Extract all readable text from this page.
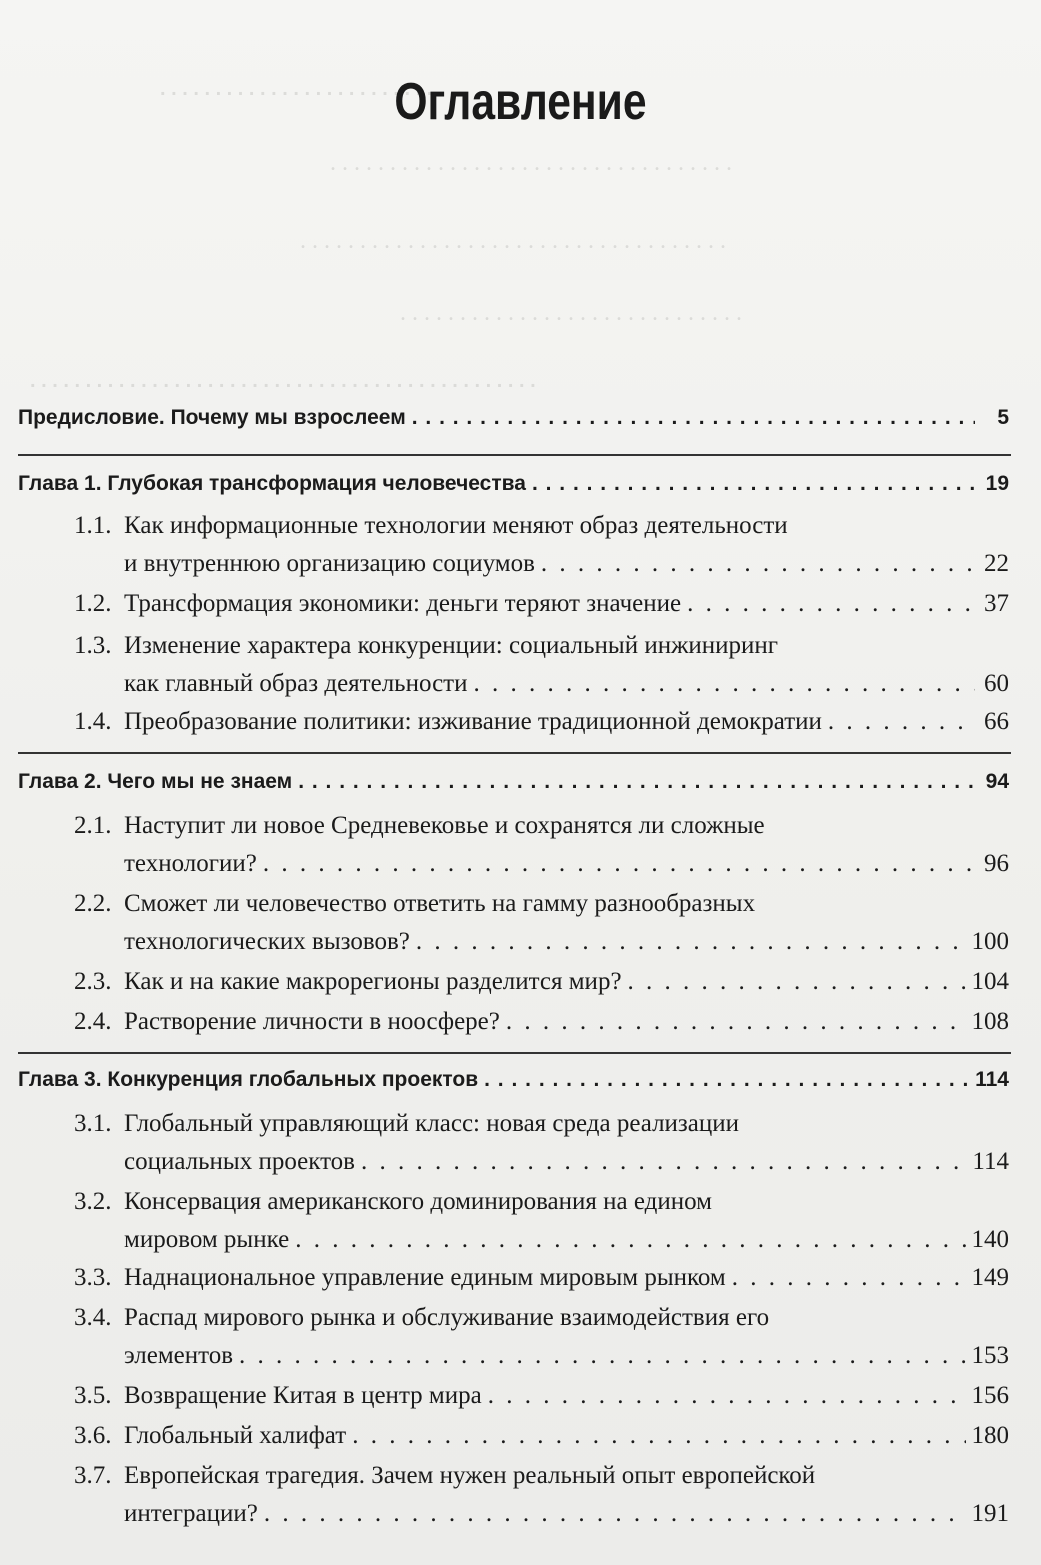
. . . . . . . . . . . . . . . . . . . . . . . . . . .
. . . . . . . . . . . . . . . . . . . . . . . . . . . . . . . . . .
. . . . . . . . . . . . . . . . . . . . . . . . . . . . . . . . . . . .
. . . . . . . . . . . . . . . . . . . . . . . . . . . . .
. . . . . . . . . . . . . . . . . . . . . . . . . . . . . . . . . . . . . . . . . . . . . .
Оглавление
Предисловие. Почему мы взрослеем . . .	5
Глава 1. Глубокая трансформация человечества . . .	19
1.1. Как информационные технологии меняют образ деятельности
и внутреннюю организацию социумов . . .	22
1.2. Трансформация экономики: деньги теряют значение . . .	37
1.3. Изменение характера конкуренции: социальный инжиниринг
как главный образ деятельности . . .	60
1.4. Преобразование политики: изживание традиционной демократии . . .	66
Глава 2. Чего мы не знаем . . .	94
2.1. Наступит ли новое Средневековье и сохранятся ли сложные
технологии? . . .	96
2.2. Сможет ли человечество ответить на гамму разнообразных
технологических вызовов? . . .	100
2.3. Как и на какие макрорегионы разделится мир? . . .	104
2.4. Растворение личности в ноосфере? . . .	108
Глава 3. Конкуренция глобальных проектов . . .	114
3.1. Глобальный управляющий класс: новая среда реализации
социальных проектов . . .	114
3.2. Консервация американского доминирования на едином
мировом рынке . . .	140
3.3. Наднациональное управление единым мировым рынком . . .	149
3.4. Распад мирового рынка и обслуживание взаимодействия его
элементов . . .	153
3.5. Возвращение Китая в центр мира . . .	156
3.6. Глобальный халифат . . .	180
3.7. Европейская трагедия. Зачем нужен реальный опыт европейской
интеграции? . . .	191
